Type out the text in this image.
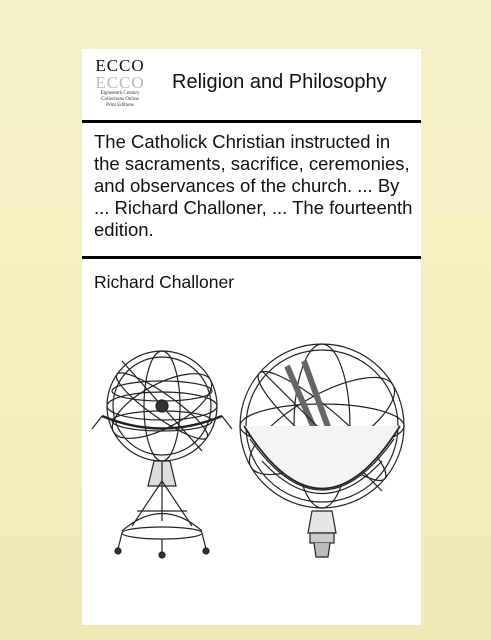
ECCO
ECCO
Eighteenth Century
Collections Online
Print Editions
Religion and Philosophy
The Catholick Christian instructed in the sacraments, sacrifice, ceremonies, and observances of the church. ... By ... Richard Challoner, ... The fourteenth edition.
Richard Challoner
